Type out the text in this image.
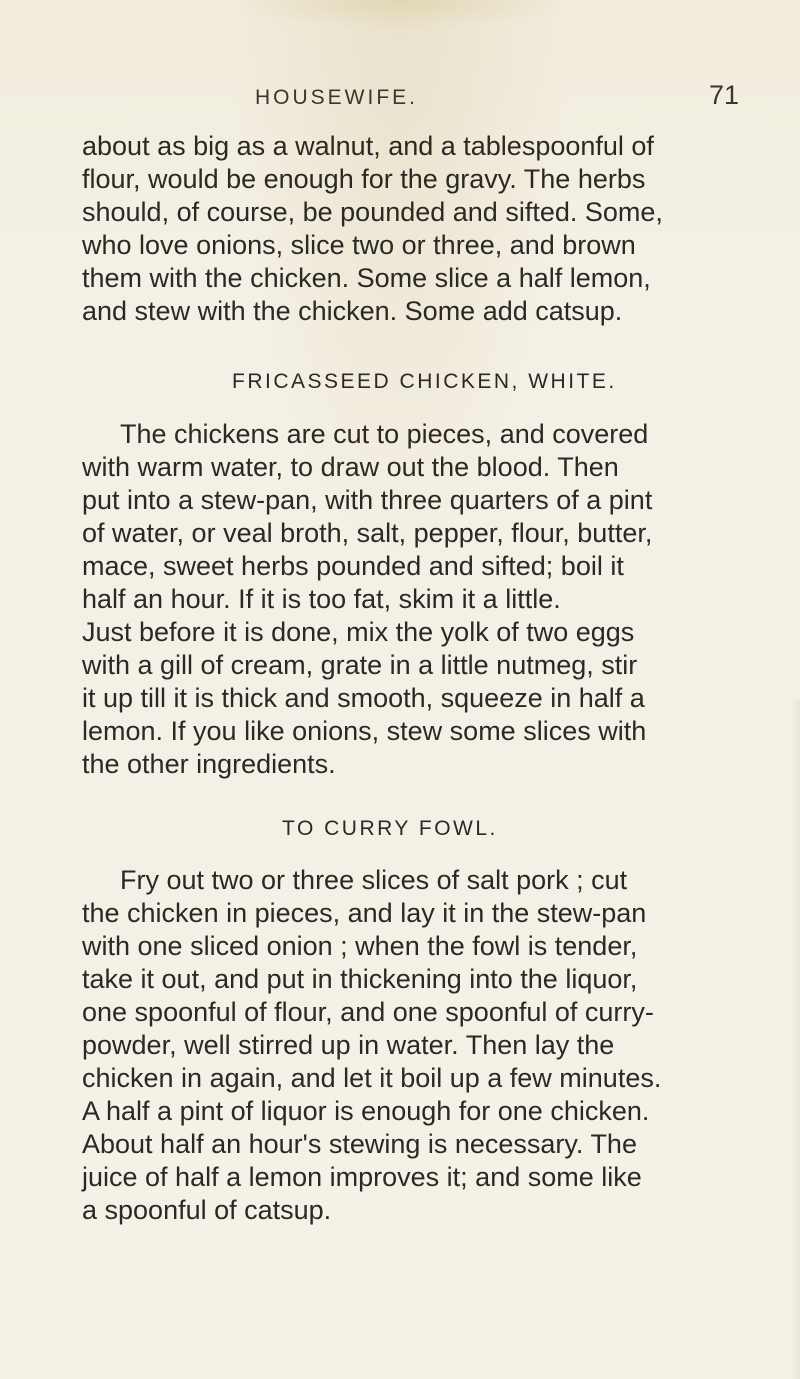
HOUSEWIFE.	71
about as big as a walnut, and a tablespoonful of
flour, would be enough for the gravy. The herbs
should, of course, be pounded and sifted. Some,
who love onions, slice two or three, and brown
them with the chicken. Some slice a half lemon,
and stew with the chicken. Some add catsup.
FRICASSEED CHICKEN, WHITE.
The chickens are cut to pieces, and covered
with warm water, to draw out the blood. Then
put into a stew-pan, with three quarters of a pint
of water, or veal broth, salt, pepper, flour, butter,
mace, sweet herbs pounded and sifted; boil it
half an hour. If it is too fat, skim it a little.
Just before it is done, mix the yolk of two eggs
with a gill of cream, grate in a little nutmeg, stir
it up till it is thick and smooth, squeeze in half a
lemon. If you like onions, stew some slices with
the other ingredients.
TO CURRY FOWL.
Fry out two or three slices of salt pork ; cut
the chicken in pieces, and lay it in the stew-pan
with one sliced onion ; when the fowl is tender,
take it out, and put in thickening into the liquor,
one spoonful of flour, and one spoonful of curry-
powder, well stirred up in water. Then lay the
chicken in again, and let it boil up a few minutes.
A half a pint of liquor is enough for one chicken.
About half an hour's stewing is necessary. The
juice of half a lemon improves it; and some like
a spoonful of catsup.
